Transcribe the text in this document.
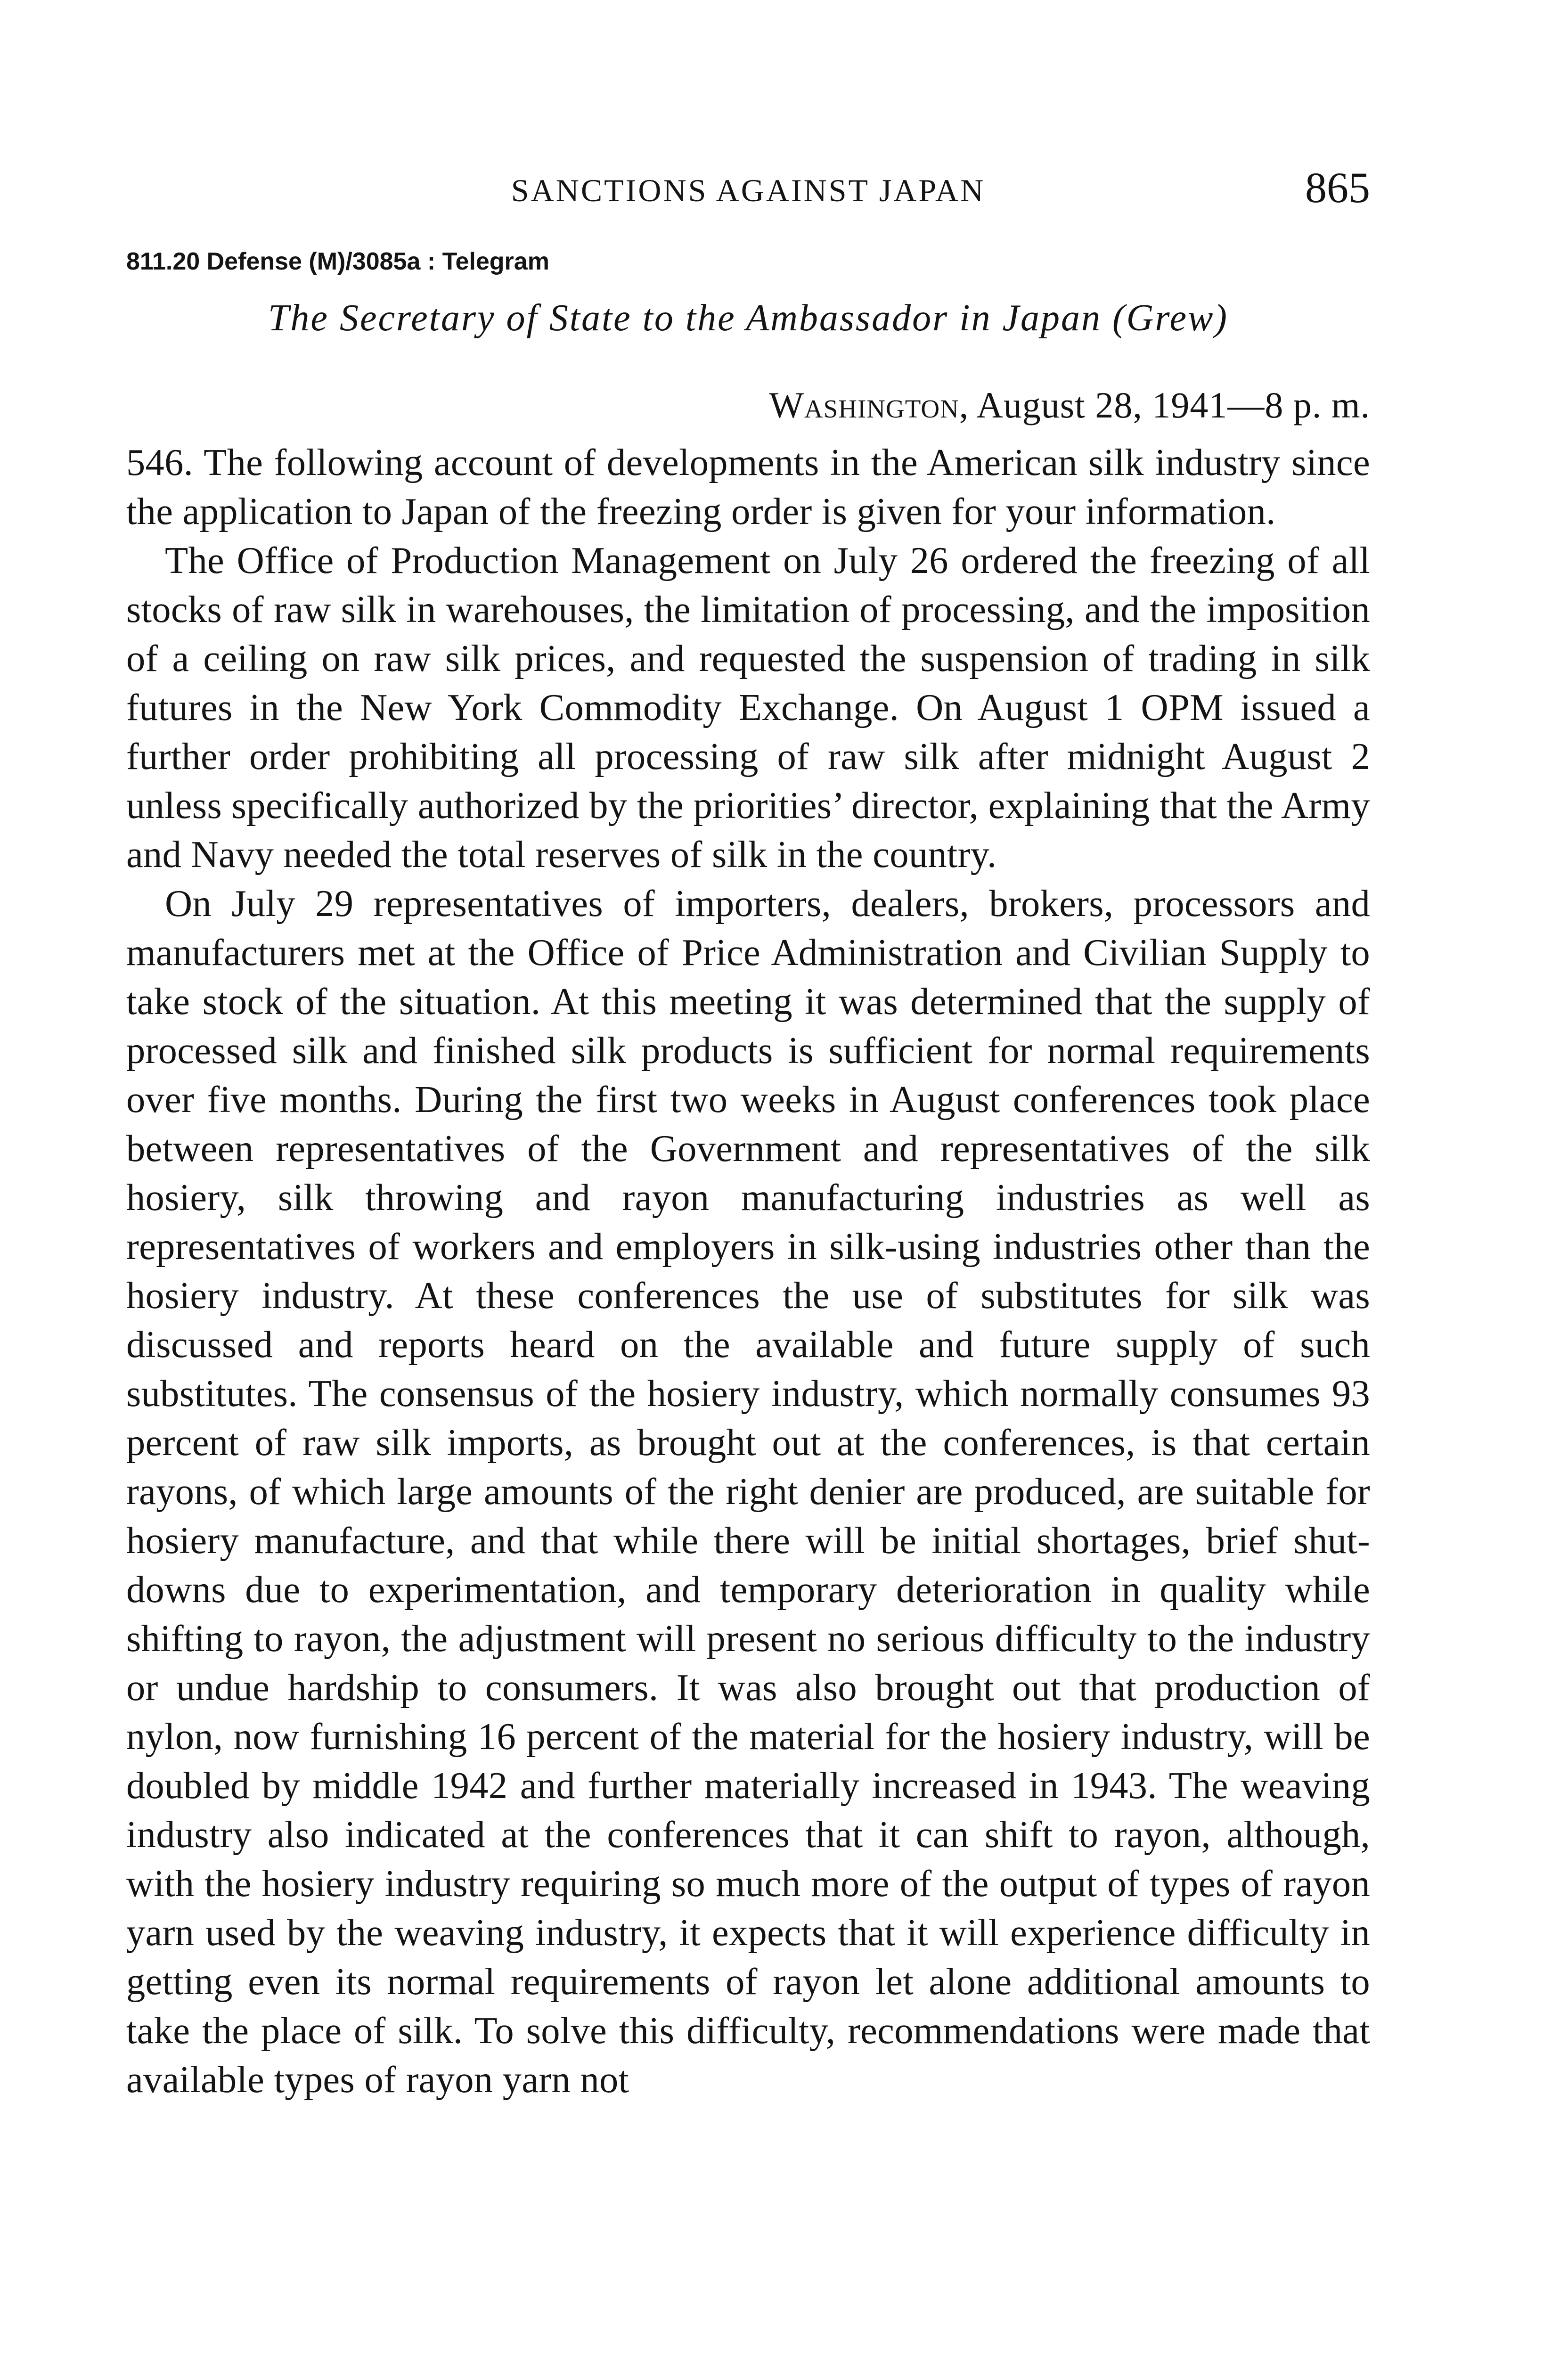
SANCTIONS AGAINST JAPAN	865
811.20 Defense (M)/3085a : Telegram
The Secretary of State to the Ambassador in Japan (Grew)
Washington, August 28, 1941—8 p. m.

546. The following account of developments in the American silk industry since the application to Japan of the freezing order is given for your information.

The Office of Production Management on July 26 ordered the freezing of all stocks of raw silk in warehouses, the limitation of processing, and the imposition of a ceiling on raw silk prices, and requested the suspension of trading in silk futures in the New York Commodity Exchange. On August 1 OPM issued a further order prohibiting all processing of raw silk after midnight August 2 unless specifically authorized by the priorities’ director, explaining that the Army and Navy needed the total reserves of silk in the country.

On July 29 representatives of importers, dealers, brokers, processors and manufacturers met at the Office of Price Administration and Civilian Supply to take stock of the situation. At this meeting it was determined that the supply of processed silk and finished silk products is sufficient for normal requirements over five months. During the first two weeks in August conferences took place between representatives of the Government and representatives of the silk hosiery, silk throwing and rayon manufacturing industries as well as representatives of workers and employers in silk-using industries other than the hosiery industry. At these conferences the use of substitutes for silk was discussed and reports heard on the available and future supply of such substitutes. The consensus of the hosiery industry, which normally consumes 93 percent of raw silk imports, as brought out at the conferences, is that certain rayons, of which large amounts of the right denier are produced, are suitable for hosiery manufacture, and that while there will be initial shortages, brief shut-downs due to experimentation, and temporary deterioration in quality while shifting to rayon, the adjustment will present no serious difficulty to the industry or undue hardship to consumers. It was also brought out that production of nylon, now furnishing 16 percent of the material for the hosiery industry, will be doubled by middle 1942 and further materially increased in 1943. The weaving industry also indicated at the conferences that it can shift to rayon, although, with the hosiery industry requiring so much more of the output of types of rayon yarn used by the weaving industry, it expects that it will experience difficulty in getting even its normal requirements of rayon let alone additional amounts to take the place of silk. To solve this difficulty, recommendations were made that available types of rayon yarn not
